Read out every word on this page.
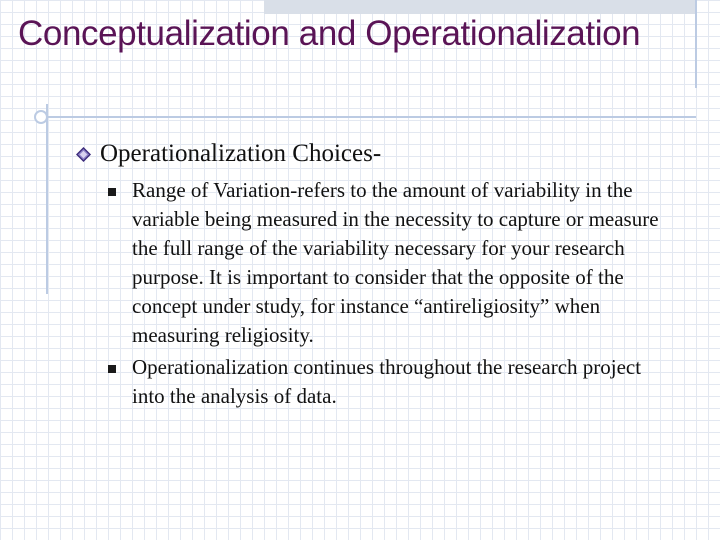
Conceptualization and Operationalization
Operationalization Choices-
Range of Variation-refers to the amount of variability in the variable being measured in the necessity to capture or measure the full range of the variability necessary for your research purpose. It is important to consider that the opposite of the concept under study, for instance “antireligiosity” when measuring religiosity.
Operationalization continues throughout the research project into the analysis of data.
